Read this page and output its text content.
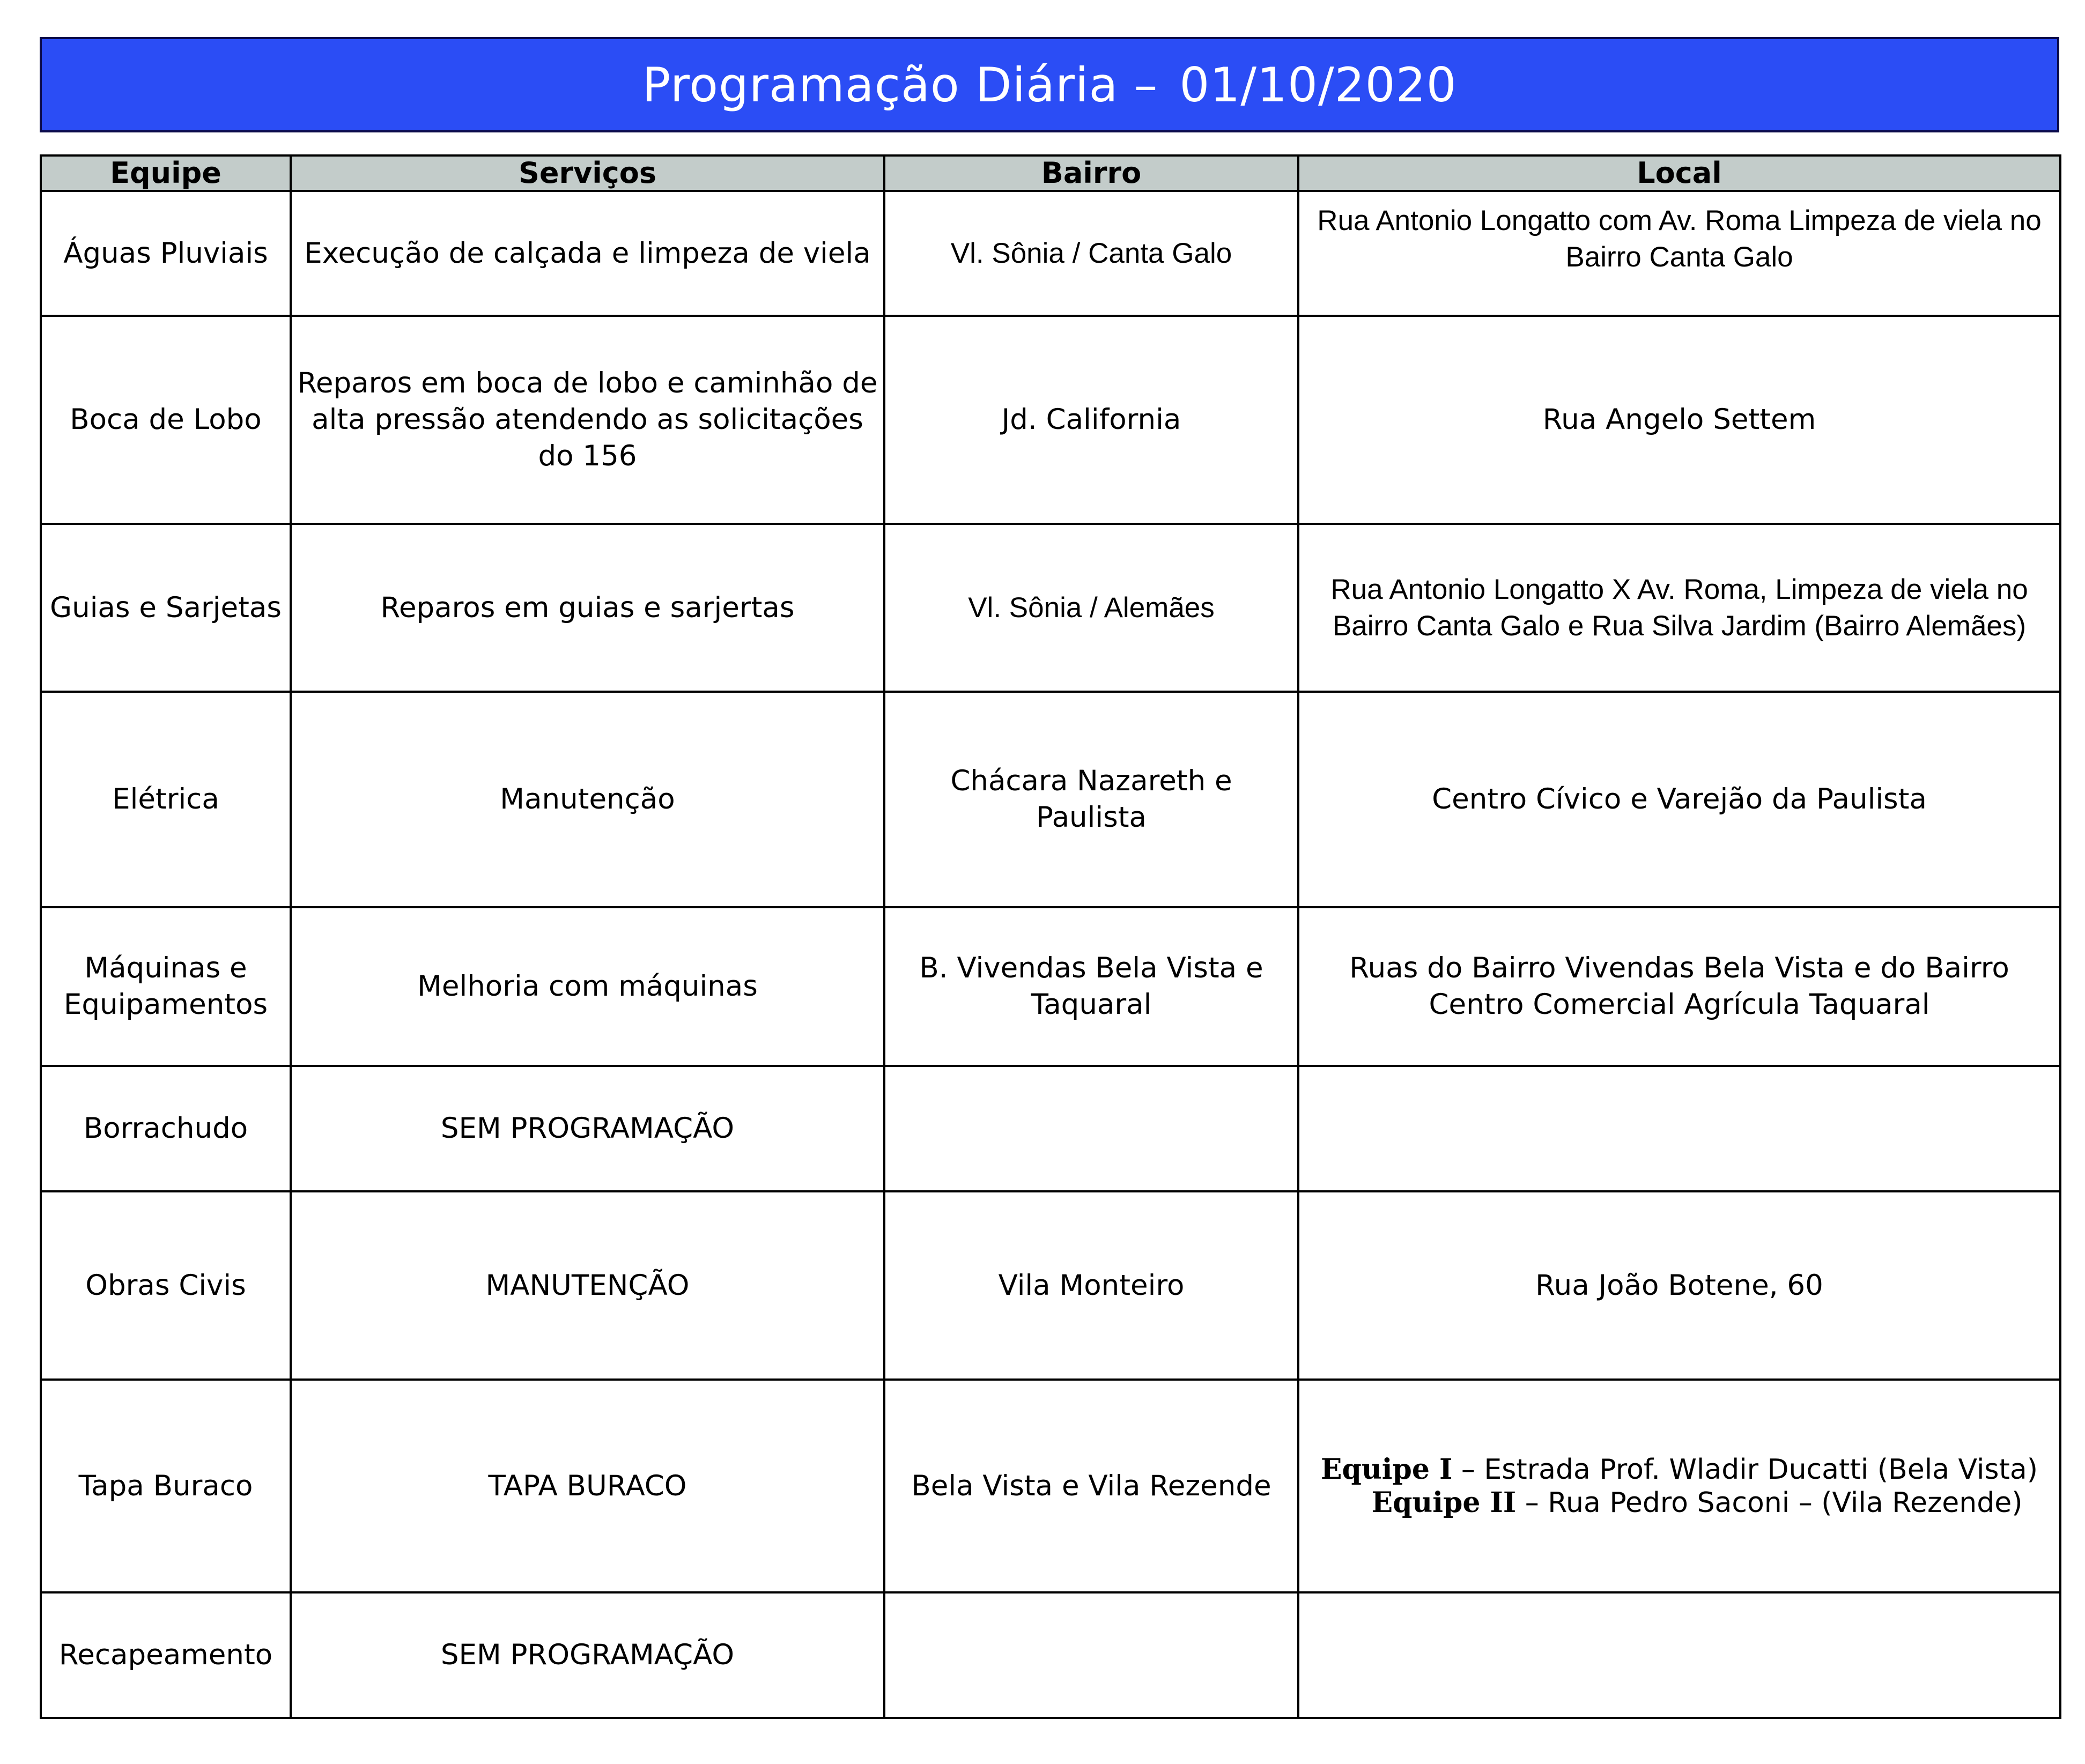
Programação Diária – 01/10/2020
Equipe	Serviços	Bairro	Local
Águas Pluviais	Execução de calçada e limpeza de viela	Vl. Sônia / Canta Galo	Rua Antonio Longatto com Av. Roma Limpeza de viela no Bairro Canta Galo
Boca de Lobo	Reparos em boca de lobo e caminhão de alta pressão atendendo as solicitações do 156	Jd. California	Rua Angelo Settem
Guias e Sarjetas	Reparos em guias e sarjertas	Vl. Sônia / Alemães	Rua Antonio Longatto X Av. Roma, Limpeza de viela no Bairro Canta Galo e Rua Silva Jardim (Bairro Alemães)
Elétrica	Manutenção	Chácara Nazareth e Paulista	Centro Cívico e Varejão da Paulista
Máquinas e Equipamentos	Melhoria com máquinas	B. Vivendas Bela Vista e Taquaral	Ruas do Bairro Vivendas Bela Vista e do Bairro Centro Comercial Agrícula Taquaral
Borrachudo	SEM PROGRAMAÇÃO		
Obras Civis	MANUTENÇÃO	Vila Monteiro	Rua João Botene, 60
Tapa Buraco	TAPA BURACO	Bela Vista e Vila Rezende	Equipe I – Estrada Prof. Wladir Ducatti (Bela Vista)
Equipe II – Rua Pedro Saconi – (Vila Rezende)

Recapeamento	SEM PROGRAMAÇÃO		
